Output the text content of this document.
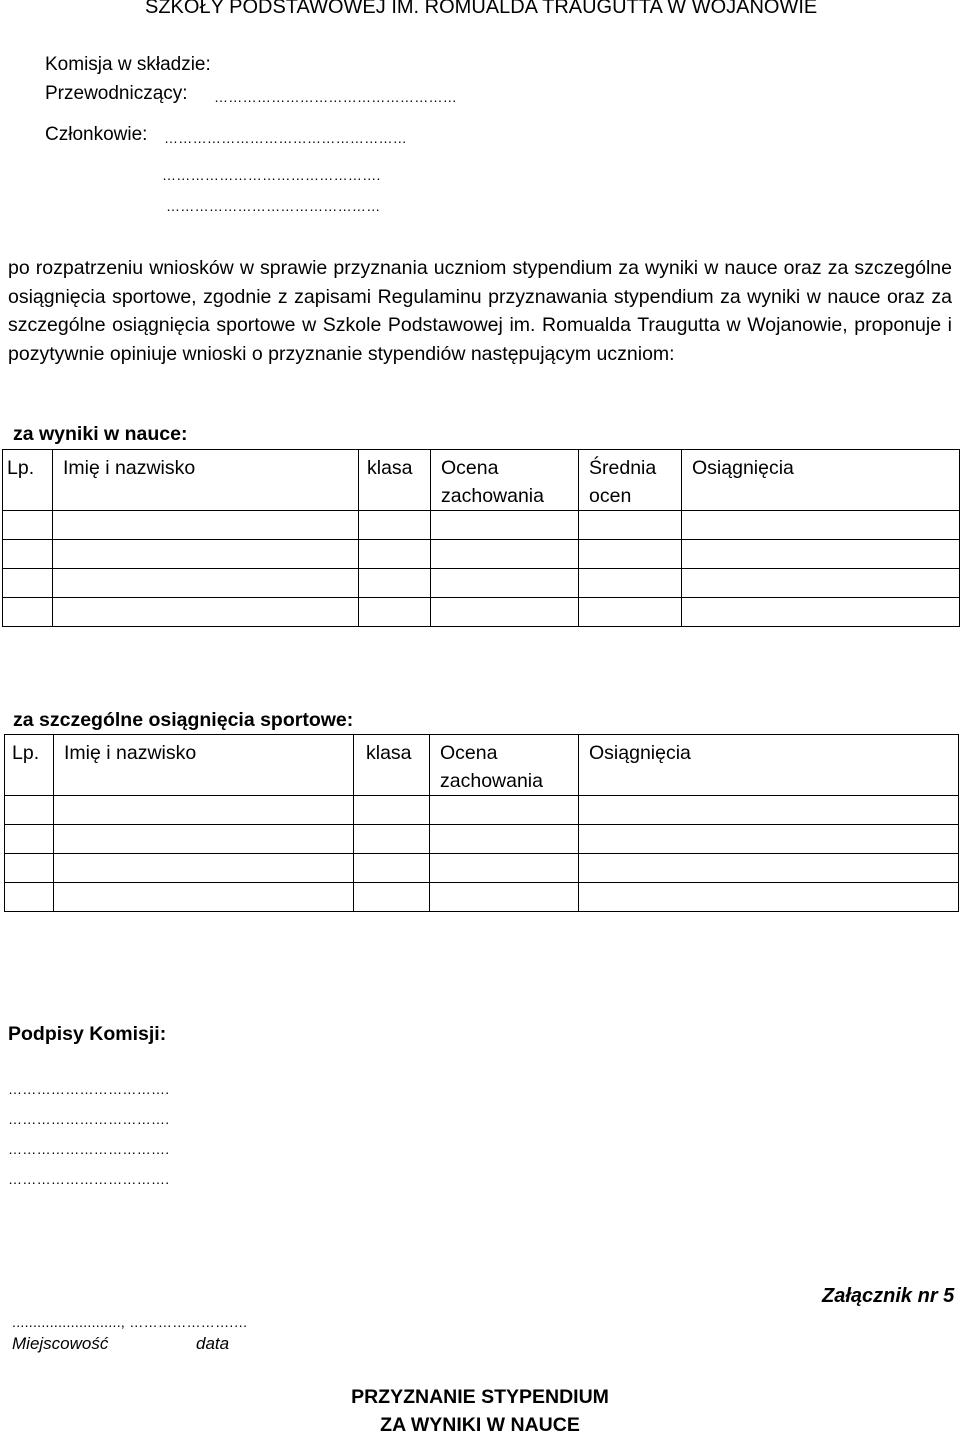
SZKOŁY PODSTAWOWEJ IM. ROMUALDA TRAUGUTTA W WOJANOWIE
Komisja w składzie:
Przewodniczący: ……………………………………………
Członkowie: ……………………………………………
……………………………………….
………………………………………
po rozpatrzeniu wniosków w sprawie przyznania uczniom stypendium za wyniki w nauce oraz za szczególne osiągnięcia sportowe, zgodnie z zapisami Regulaminu przyznawania stypendium za wyniki w nauce oraz za szczególne osiągnięcia sportowe w Szkole Podstawowej im. Romualda Traugutta w Wojanowie, proponuje i pozytywnie opiniuje wnioski o przyznanie stypendiów następującym uczniom:
za wyniki w nauce:
Lp.	Imię i nazwisko	klasa	Ocena zachowania	Średnia ocen	Osiągnięcia

za szczególne osiągnięcia sportowe:
Lp.	Imię i nazwisko	klasa	Ocena zachowania	Osiągnięcia

Podpisy Komisji:
…………………………….
…………………………….
…………………………….
…………………………….
Załącznik nr 5
.........................., ………………….…
Miejscowość	data
PRZYZNANIE STYPENDIUM
ZA WYNIKI W NAUCE
